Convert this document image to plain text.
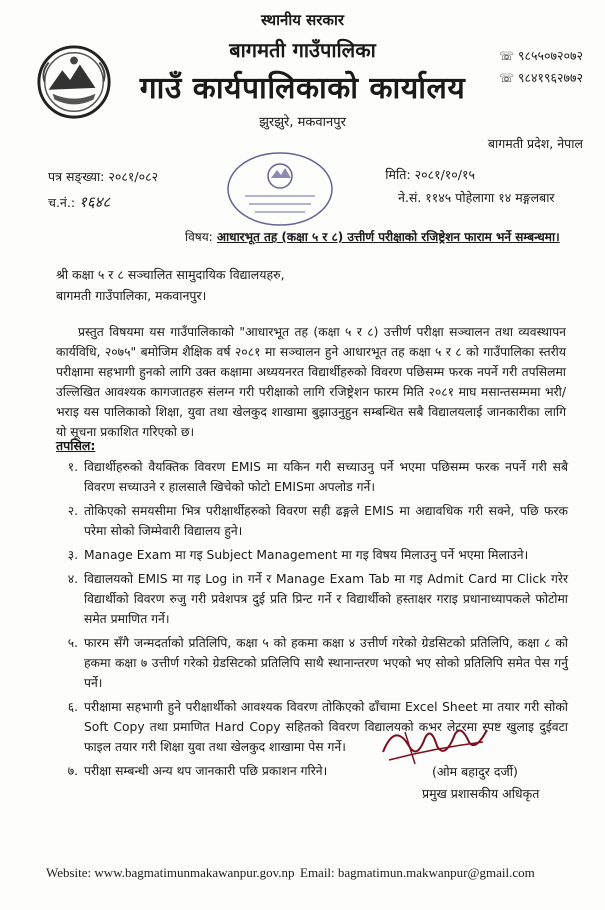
स्थानीय सरकार
बागमती गाउँपालिका
गाउँ कार्यपालिकाको कार्यालय
झुरझुरे, मकवानपुर
☏ ९८५५०७२०७२
☏ ९८४१९६२७७२
बागमती प्रदेश, नेपाल
पत्र सङ्ख्या: २०८१/०८२
च.नं.: १६४८
मिति: २०८१/१०/१५
ने.सं. ११४५ पोहेलागा १४ मङ्गलबार
विषय: आधारभूत तह (कक्षा ५ र ८) उत्तीर्ण परीक्षाको रजिष्ट्रेशन फाराम भर्ने सम्बन्धमा।
श्री कक्षा ५ र ८ सञ्चालित सामुदायिक विद्यालयहरु,
बागमती गाउँपालिका, मकवानपुर।
प्रस्तुत विषयमा यस गाउँपालिकाको "आधारभूत तह (कक्षा ५ र ८) उत्तीर्ण परीक्षा सञ्चालन तथा व्यवस्थापन कार्यविधि, २०७५" बमोजिम शैक्षिक वर्ष २०८१ मा सञ्चालन हुने आधारभूत तह कक्षा ५ र ८ को गाउँपालिका स्तरीय परीक्षामा सहभागी हुनको लागि उक्त कक्षामा अध्ययनरत विद्यार्थीहरुको विवरण पछिसम्म फरक नपर्ने गरी तपसिलमा उल्लिखित आवश्यक कागजातहरु संलग्न गरी परीक्षाको लागि रजिष्ट्रेशन फारम मिति २०८१ माघ मसान्तसम्ममा भरी/भराइ यस पालिकाको शिक्षा, युवा तथा खेलकुद शाखामा बुझाउनुहुन सम्बन्धित सबै विद्यालयलाई जानकारीका लागि यो सूचना प्रकाशित गरिएको छ।
तपसिल:
१. विद्यार्थीहरुको वैयक्तिक विवरण EMIS मा यकिन गरी सच्याउनु पर्ने भएमा पछिसम्म फरक नपर्ने गरी सबै विवरण सच्याउने र हालसालै खिचेको फोटो EMISमा अपलोड गर्ने।
२. तोकिएको समयसीमा भित्र परीक्षार्थीहरुको विवरण सही ढङ्गले EMIS मा अद्यावधिक गरी सक्ने, पछि फरक परेमा सोको जिम्मेवारी विद्यालय हुने।
३. Manage Exam मा गइ Subject Management मा गइ विषय मिलाउनु पर्ने भएमा मिलाउने।
४. विद्यालयको EMIS मा गइ Log in गर्ने र Manage Exam Tab मा गइ Admit Card मा Click गरेर विद्यार्थीको विवरण रुजु गरी प्रवेशपत्र दुई प्रति प्रिन्ट गर्ने र विद्यार्थीको हस्ताक्षर गराइ प्रधानाध्यापकले फोटोमा समेत प्रमाणित गर्ने।
५. फारम सँगै जन्मदर्ताको प्रतिलिपि, कक्षा ५ को हकमा कक्षा ४ उत्तीर्ण गरेको ग्रेडसिटको प्रतिलिपि, कक्षा ८ को हकमा कक्षा ७ उत्तीर्ण गरेको ग्रेडसिटको प्रतिलिपि साथै स्थानान्तरण भएको भए सोको प्रतिलिपि समेत पेस गर्नु पर्ने।
६. परीक्षामा सहभागी हुने परीक्षार्थीको आवश्यक विवरण तोकिएको ढाँचामा Excel Sheet मा तयार गरी सोको Soft Copy तथा प्रमाणित Hard Copy सहितको विवरण विद्यालयको कभर लेटरमा स्पष्ट खुलाइ दुईवटा फाइल तयार गरी शिक्षा युवा तथा खेलकुद शाखामा पेस गर्ने।
७. परीक्षा सम्बन्धी अन्य थप जानकारी पछि प्रकाशन गरिने।	(ओम बहादुर दर्जी)
प्रमुख प्रशासकीय अधिकृत
Website: www.bagmatimunmakawanpur.gov.np Email: bagmatimun.makwanpur@gmail.com
